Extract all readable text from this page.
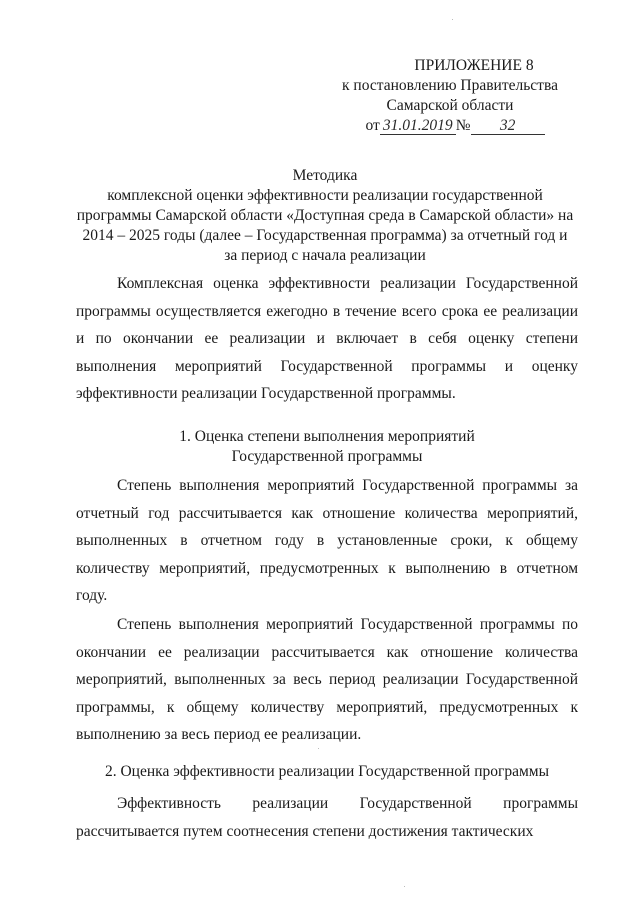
ПРИЛОЖЕНИЕ 8
к постановлению Правительства
Самарской области
от 31.01.2019 № 32
Методика
комплексной оценки эффективности реализации государственной
программы Самарской области «Доступная среда в Самарской области» на
2014 – 2025 годы (далее – Государственная программа) за отчетный год и
за период с начала реализации

Комплексная оценка эффективности реализации Государственной программы осуществляется ежегодно в течение всего срока ее реализации и по окончании ее реализации и включает в себя оценку степени выполнения мероприятий Государственной программы и оценку эффективности реализации Государственной программы.

1. Оценка степени выполнения мероприятий
Государственной программы

Степень выполнения мероприятий Государственной программы за отчетный год рассчитывается как отношение количества мероприятий, выполненных в отчетном году в установленные сроки, к общему количеству мероприятий, предусмотренных к выполнению в отчетном году.

Степень выполнения мероприятий Государственной программы по окончании ее реализации рассчитывается как отношение количества мероприятий, выполненных за весь период реализации Государственной программы, к общему количеству мероприятий, предусмотренных к выполнению за весь период ее реализации.

2. Оценка эффективности реализации Государственной программы

Эффективность реализации Государственной программы рассчитывается путем соотнесения степени достижения тактических
